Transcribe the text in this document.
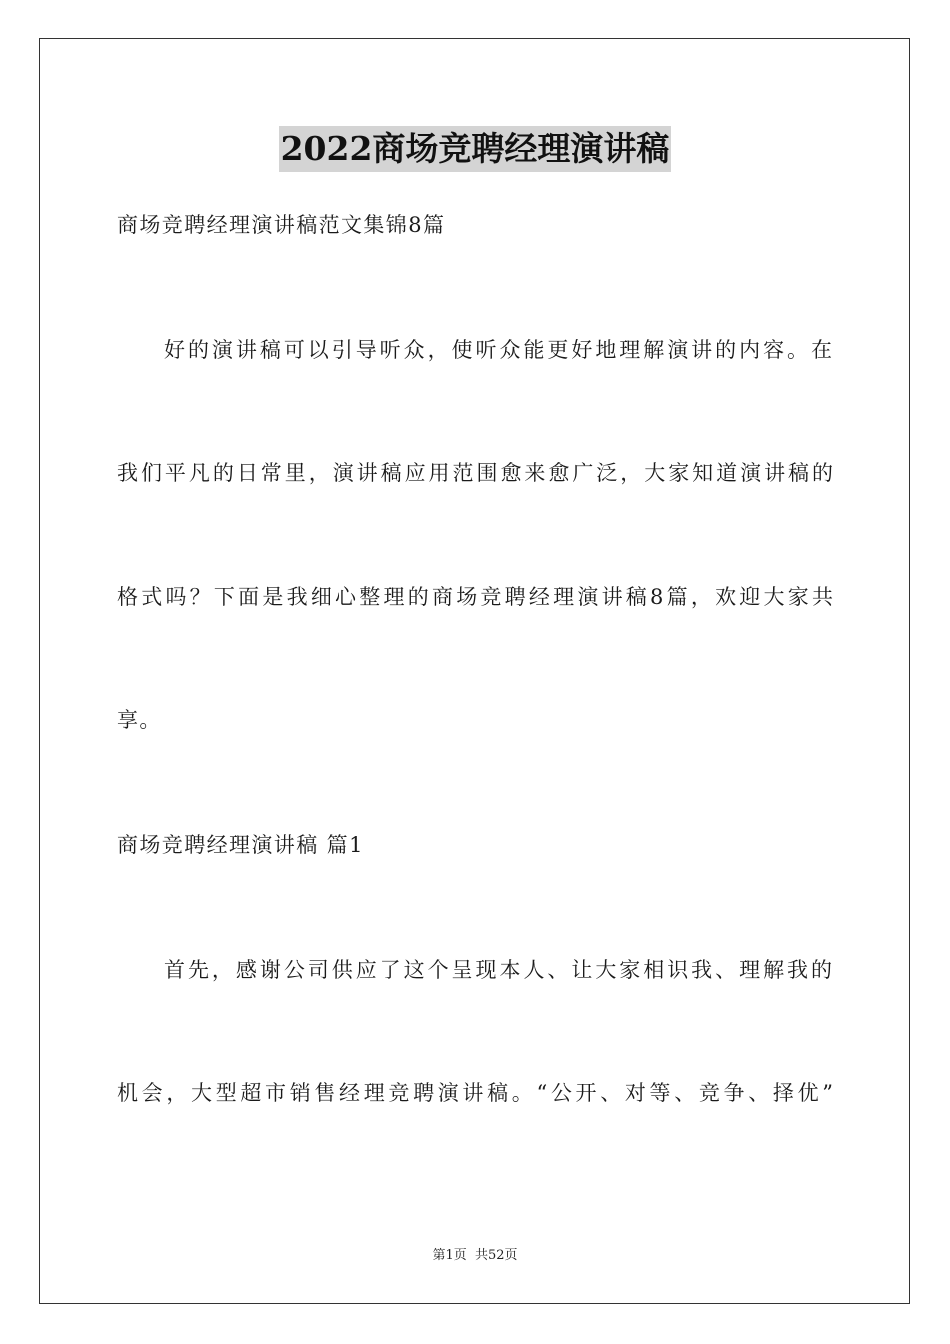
2022商场竞聘经理演讲稿
商场竞聘经理演讲稿范文集锦8篇
好的演讲稿可以引导听众，使听众能更好地理解演讲的内容。在
我们平凡的日常里，演讲稿应用范围愈来愈广泛，大家知道演讲稿的
格式吗？下面是我细心整理的商场竞聘经理演讲稿8篇，欢迎大家共
享。
商场竞聘经理演讲稿 篇1
首先，感谢公司供应了这个呈现本人、让大家相识我、理解我的
机会，大型超市销售经理竞聘演讲稿。“公开、对等、竞争、择优”
第1页 共52页
